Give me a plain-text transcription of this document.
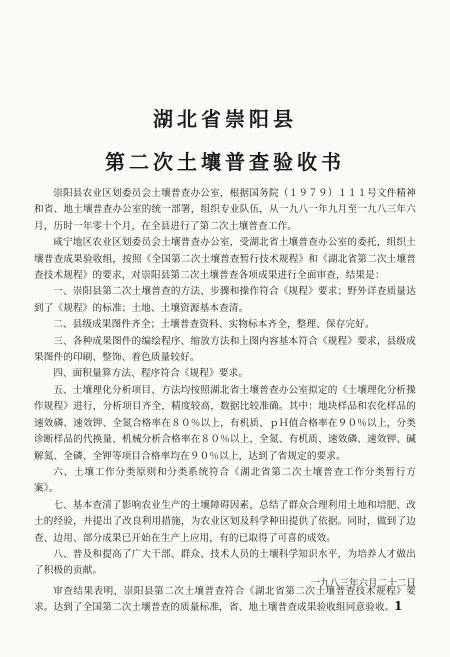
湖北省崇阳县
第二次土壤普查验收书

崇阳县农业区划委员会土壤普查办公室，根据国务院（１９７９）１１１号文件精神和省、地土壤普查办公室的统一部署，组织专业队伍，从一九八一年九月至一九八三年六月，历时一年零十个月，在全县进行了第二次土壤普查工作。

咸宁地区农业区划委员会土壤普查办公室，受湖北省土壤普查办公室的委托，组织土壤普查成果验收组，按照《全国第二次土壤普查暂行技术规程》和《湖北省第二次土壤普查技术规程》的要求，对崇阳县第二次土壤普查各项成果进行全面审查，结果是：

一、崇阳县第二次土壤普查的方法、步骤和操作符合《规程》要求；野外详查质量达到了《规程》的标准；土地、土壤资源基本查清。

二、县级成果图件齐全；土壤普查资料、实物标本齐全，整理、保存完好。

三、各种成果图件的编绘程序、缩放方法和上图内容基本符合《规程》要求，县级成果图件的印刷、整饰、着色质量较好。

四、面积量算方法、程序符合《规程》要求。

五、土壤理化分析项目、方法均按照湖北省土壤普查办公室拟定的《土壤理化分析操作规程》进行，分析项目齐全，精度较高，数据比较准确。其中：地块样品和农化样品的速效磷、速效钾、全氮合格率在８０％以上，有机质、ｐＨ值合格率在９０％以上，分类诊断样品的代换量、机械分析合格率在８０％以上，全氮、有机质、速效磷、速效钾、碱解氮、全磷、全钾等项目合格率均在９０％以上，达到了省规定的要求。

六、土壤工作分类原则和分类系统符合《湖北省第二次土壤普查工作分类暂行方案》。

七、基本查清了影响农业生产的土壤障碍因素，总结了群众合理利用土地和培肥、改土的经验，并提出了改良利用措施，为农业区划及科学种田提供了依据。同时，做到了边查、边用、部分成果已开始在生产上应用，有的已取得了可喜的成效。

八、普及和提高了广大干部、群众、技术人员的土壤科学知识水平，为培养人才做出了积极的贡献。

审查结果表明，崇阳县第二次土壤普查符合《湖北省第二次土壤普查技术规程》要求。达到了全国第二次土壤普查的质量标准，省、地土壤普查成果验收组同意验收。

一九八三年六月二十二日
1
